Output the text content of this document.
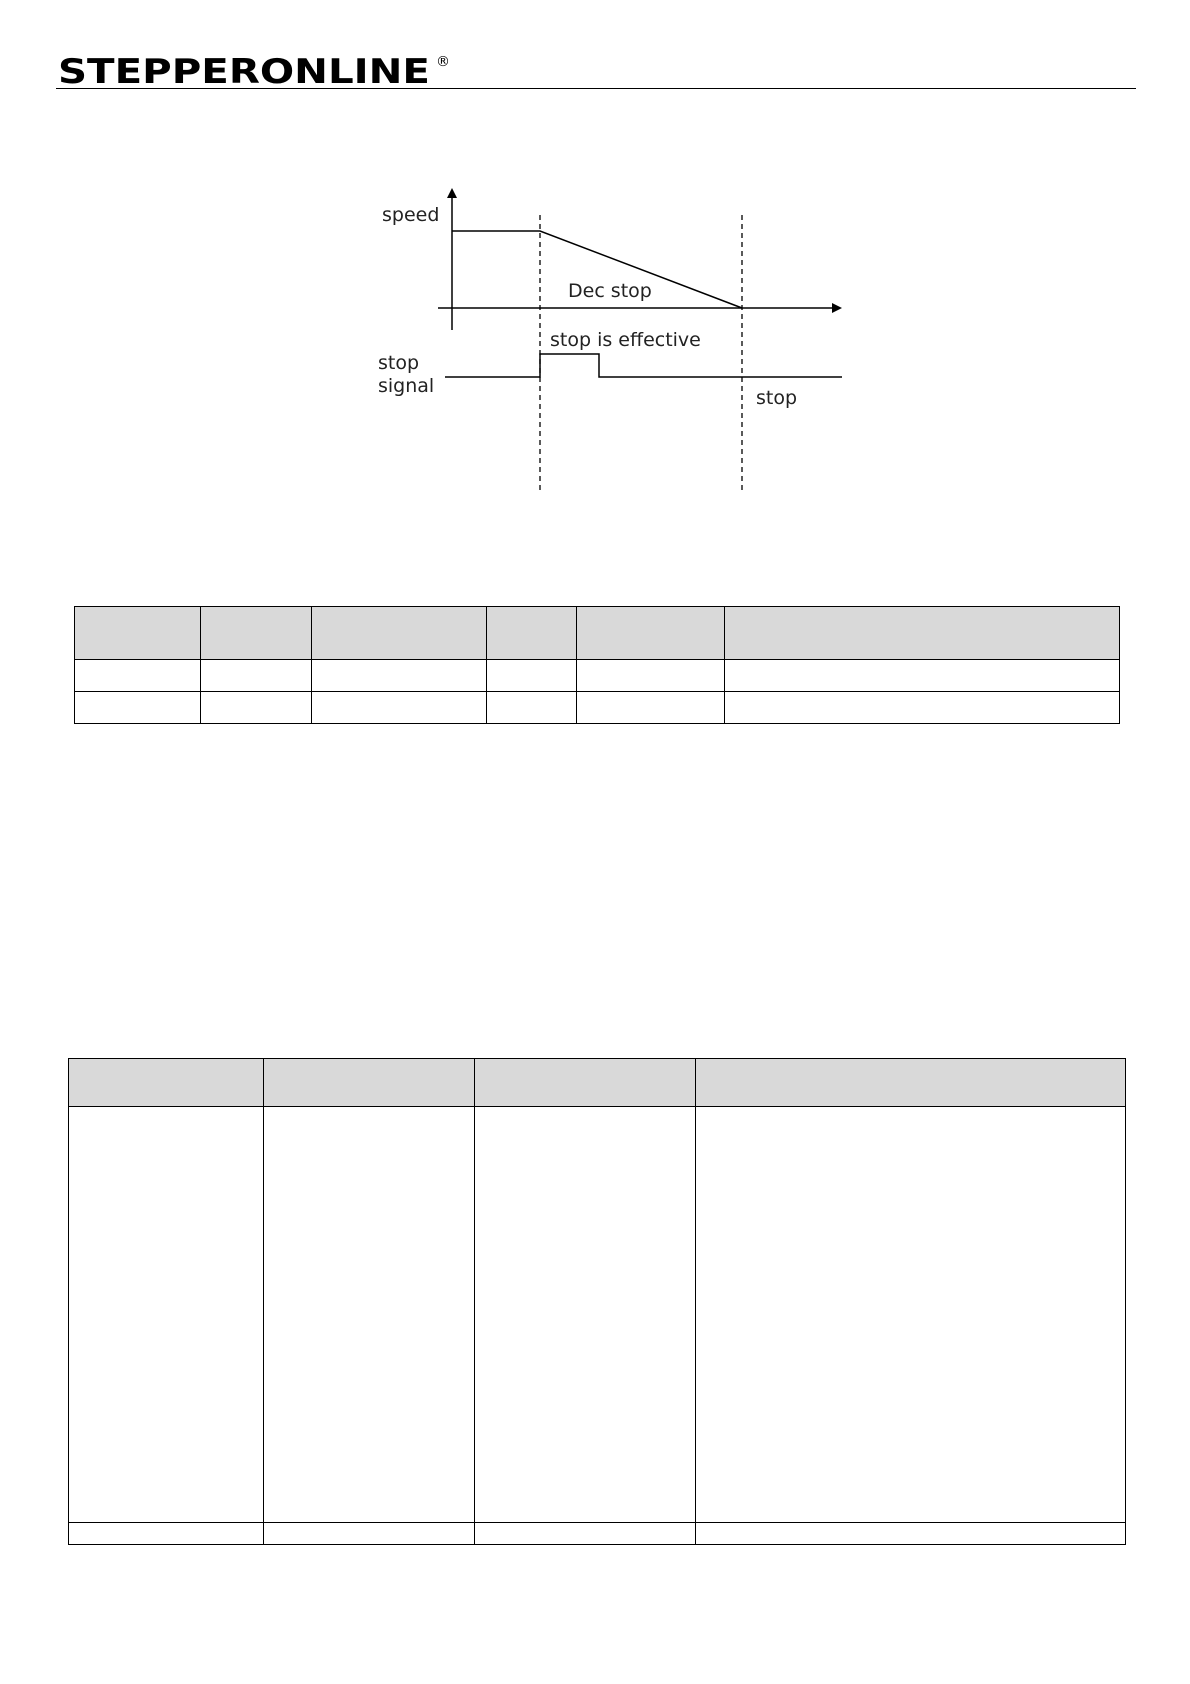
STEPPERONLINE ®
speed
Dec stop
stop is effective
stop
signal
stop
